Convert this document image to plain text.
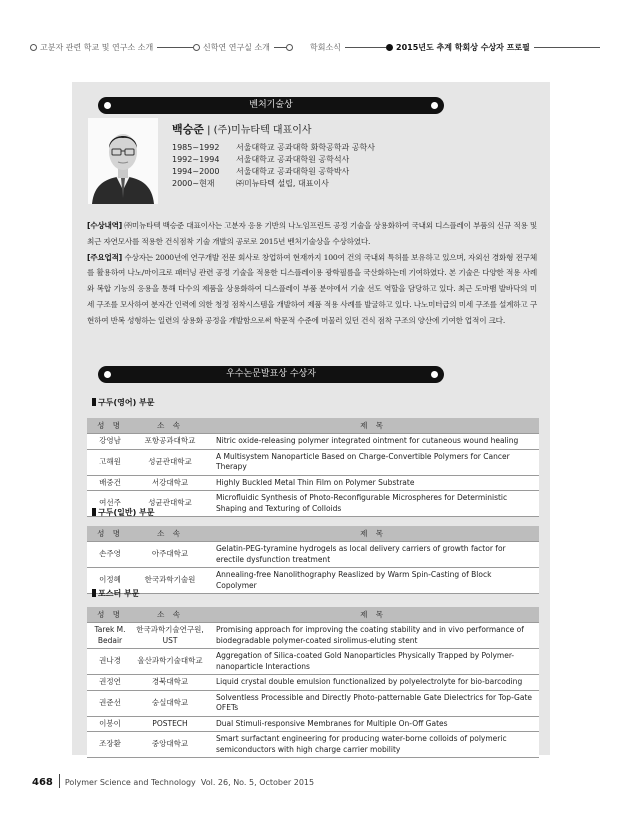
고분자 관련 학교 및 연구소 소개	신학연 연구실 소개	학회소식	2015년도 추계 학회상 수상자 프로필
벤처기술상
백승준 | (주)미뉴타텍 대표이사
1985~1992 서울대학교 공과대학 화학공학과 공학사
1992~1994 서울대학교 공과대학원 공학석사
1994~2000 서울대학교 공과대학원 공학박사
2000~현재	㈜미뉴타텍 설립, 대표이사

[수상내역] ㈜미뉴타텍 백승준 대표이사는 고분자 응용 기반의 나노임프린트 공정 기술을 상용화하여 국내외 디스플레이 부품의 신규 적용 및 최근 자연모사를 적용한 건식점착 기술 개발의 공로로 2015년 벤처기술상을 수상하였다.

[주요업적] 수상자는 2000년에 연구개발 전문 회사로 창업하여 현재까지 100여 건의 국내외 특허를 보유하고 있으며, 자외선 경화형 전구체를 활용하여 나노/마이크로 패터닝 관련 공정 기술을 적용한 디스플레이용 광학필름을 국산화하는데 기여하였다. 본 기술은 다양한 적용 사례와 복합 기능의 응용을 통해 다수의 제품을 상용화하여 디스플레이 부품 분야에서 기술 선도 역할을 담당하고 있다. 최근 도마뱀 발바닥의 미세 구조를 모사하여 분자간 인력에 의한 청정 점착시스템을 개발하여 제품 적용 사례를 발굴하고 있다. 나노미터급의 미세 구조를 설계하고 구현하여 반복 성형하는 일련의 상용화 공정을 개발함으로써 학문적 수준에 머물러 있던 건식 점착 구조의 양산에 기여한 업적이 크다.

우수논문발표상 수상자
구두(영어) 부문
성 명	소 속	제 목
강영남	포항공과대학교	Nitric oxide-releasing polymer integrated ointment for cutaneous wound healing
고해원	성균관대학교	A Multisystem Nanoparticle Based on Charge-Convertible Polymers for Cancer Therapy
배중건	서강대학교	Highly Buckled Metal Thin Film on Polymer Substrate
여선주	성균관대학교	Microfluidic Synthesis of Photo-Reconfigurable Microspheres for Deterministic Shaping and Texturing of Colloids
구두(일반) 부문
성 명	소 속	제 목
손주영	아주대학교	Gelatin-PEG-tyramine hydrogels as local delivery carriers of growth factor for erectile dysfunction treatment
이정혜	한국과학기술원	Annealing-free Nanolithography Reaslized by Warm Spin-Casting of Block Copolymer
포스터 부문
성 명	소 속	제 목
Tarek M. Bedair	한국과학기술연구원, UST	Promising approach for improving the coating stability and in vivo performance of biodegradable polymer-coated sirolimus-eluting stent
권나경	울산과학기술대학교	Aggregation of Silica-coated Gold Nanoparticles Physically Trapped by Polymer-nanoparticle Interactions
권정연	경북대학교	Liquid crystal double emulsion functionalized by polyelectrolyte for bio-barcoding
권준선	숭실대학교	Solventless Processible and Directly Photo-patternable Gate Dielectrics for Top-Gate OFETs
이봉이	POSTECH	Dual Stimuli-responsive Membranes for Multiple On-Off Gates
조장환	중앙대학교	Smart surfactant engineering for producing water-borne colloids of polymeric semiconductors with high charge carrier mobility
468 Polymer Science and Technology Vol. 26, No. 5, October 2015
